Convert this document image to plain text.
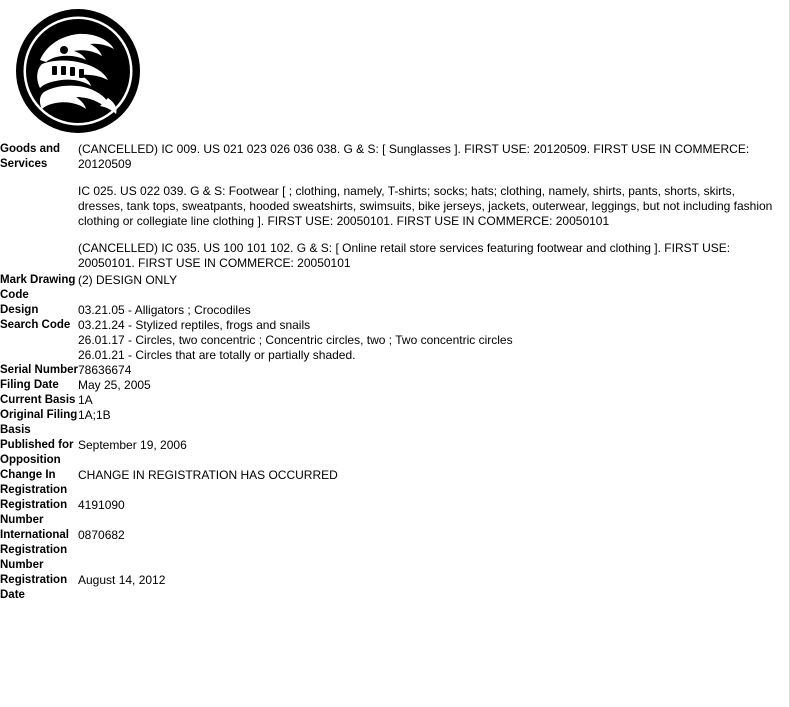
Goods and Services	(CANCELLED) IC 009. US 021 023 026 036 038. G & S: [ Sunglasses ]. FIRST USE: 20120509. FIRST USE IN COMMERCE: 20120509

IC 025. US 022 039. G & S: Footwear [ ; clothing, namely, T-shirts; socks; hats; clothing, namely, shirts, pants, shorts, skirts, dresses, tank tops, sweatpants, hooded sweatshirts, swimsuits, bike jerseys, jackets, outerwear, leggings, but not including fashion clothing or collegiate line clothing ]. FIRST USE: 20050101. FIRST USE IN COMMERCE: 20050101

(CANCELLED) IC 035. US 100 101 102. G & S: [ Online retail store services featuring footwear and clothing ]. FIRST USE: 20050101. FIRST USE IN COMMERCE: 20050101

Mark Drawing Code	(2) DESIGN ONLY
Design Search Code	03.21.05 - Alligators ; Crocodiles

03.21.24 - Stylized reptiles, frogs and snails

26.01.17 - Circles, two concentric ; Concentric circles, two ; Two concentric circles

26.01.21 - Circles that are totally or partially shaded.

Serial Number	78636674
Filing Date	May 25, 2005
Current Basis	1A
Original Filing Basis	1A;1B
Published for Opposition	September 19, 2006
Change In Registration	CHANGE IN REGISTRATION HAS OCCURRED
Registration Number	4191090
International Registration Number	0870682
Registration Date	August 14, 2012
